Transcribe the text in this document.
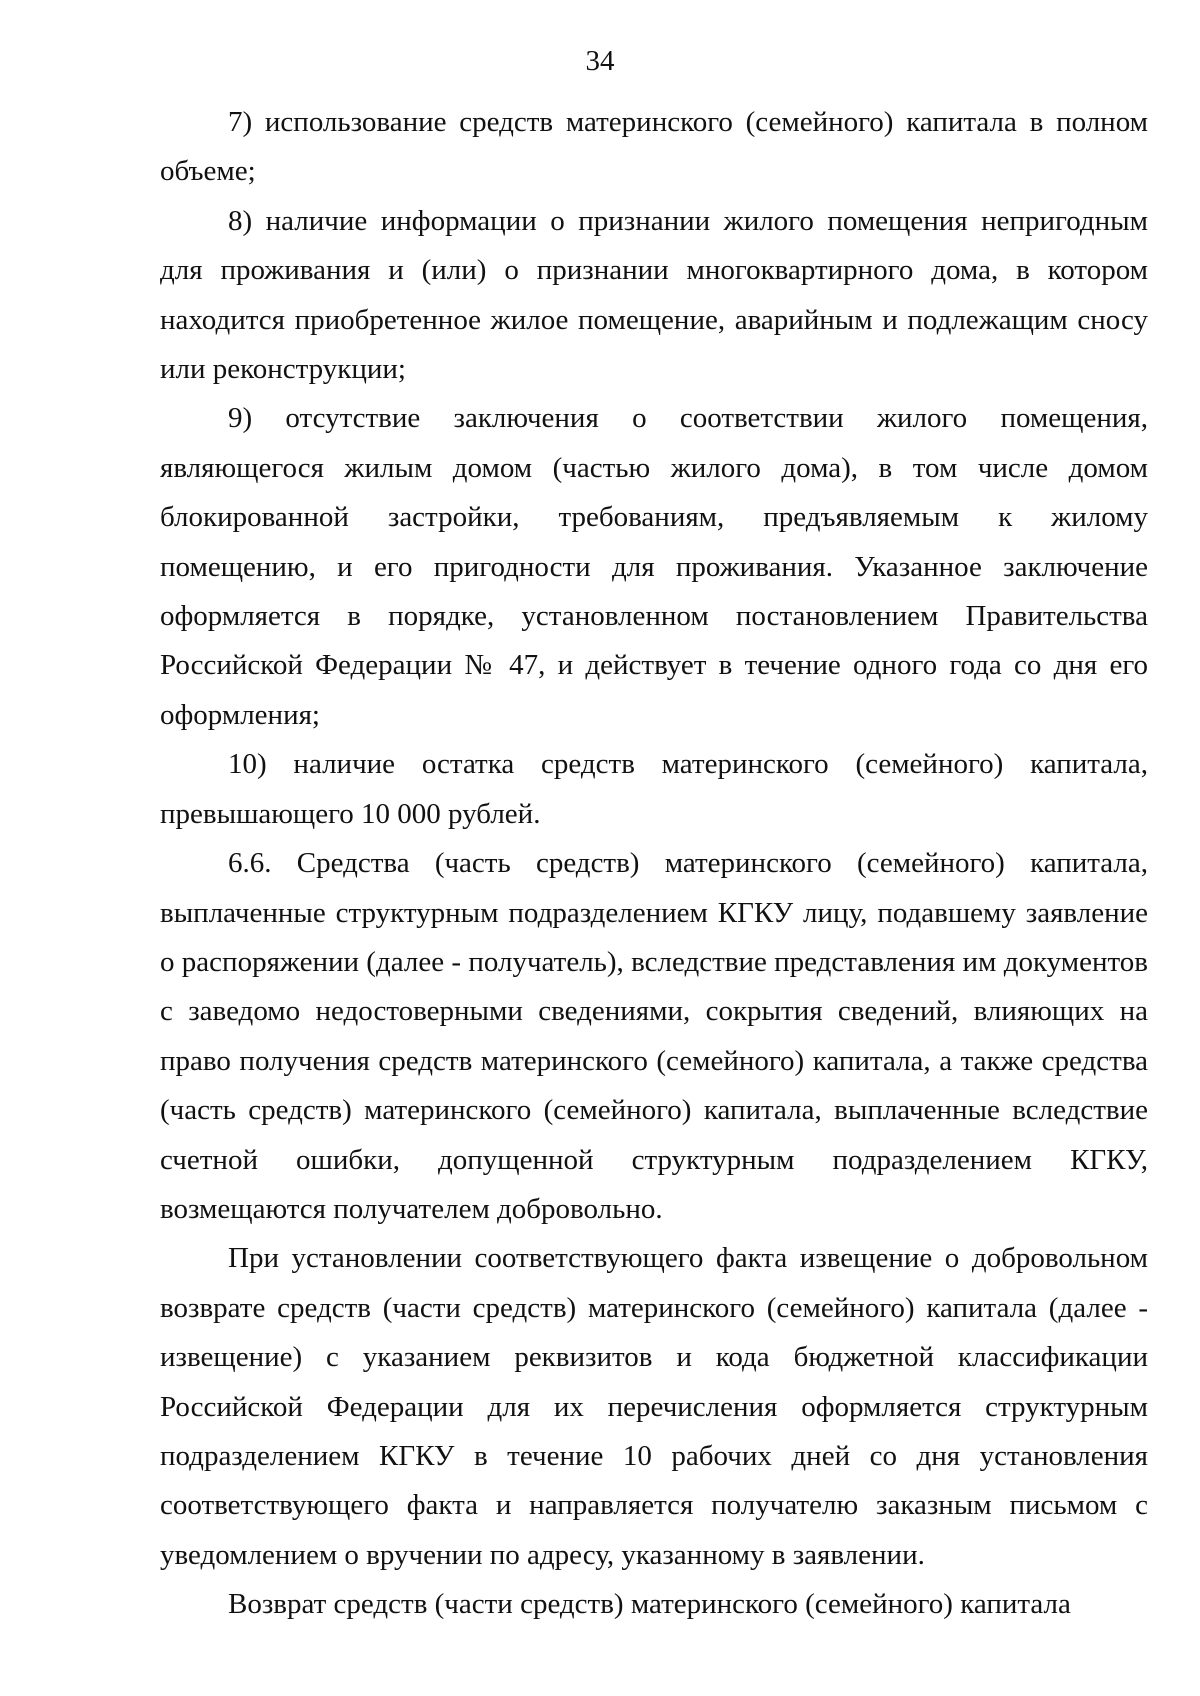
34

7) использование средств материнского (семейного) капитала в полном объеме;

8) наличие информации о признании жилого помещения непригодным для проживания и (или) о признании многоквартирного дома, в котором находится приобретенное жилое помещение, аварийным и подлежащим сносу или реконструкции;

9) отсутствие заключения о соответствии жилого помещения, являющегося жилым домом (частью жилого дома), в том числе домом блокированной застройки, требованиям, предъявляемым к жилому помещению, и его пригодности для проживания. Указанное заключение оформляется в порядке, установленном постановлением Правительства Российской Федерации № 47, и действует в течение одного года со дня его оформления;

10) наличие остатка средств материнского (семейного) капитала, превышающего 10 000 рублей.

6.6. Средства (часть средств) материнского (семейного) капитала, выплаченные структурным подразделением КГКУ лицу, подавшему заявление о распоряжении (далее - получатель), вследствие представления им документов с заведомо недостоверными сведениями, сокрытия сведений, влияющих на право получения средств материнского (семейного) капитала, а также средства (часть средств) материнского (семейного) капитала, выплаченные вследствие счетной ошибки, допущенной структурным подразделением КГКУ, возмещаются получателем добровольно.

При установлении соответствующего факта извещение о добровольном возврате средств (части средств) материнского (семейного) капитала (далее - извещение) с указанием реквизитов и кода бюджетной классификации Российской Федерации для их перечисления оформляется структурным подразделением КГКУ в течение 10 рабочих дней со дня установления соответствующего факта и направляется получателю заказным письмом с уведомлением о вручении по адресу, указанному в заявлении.

Возврат средств (части средств) материнского (семейного) капитала
